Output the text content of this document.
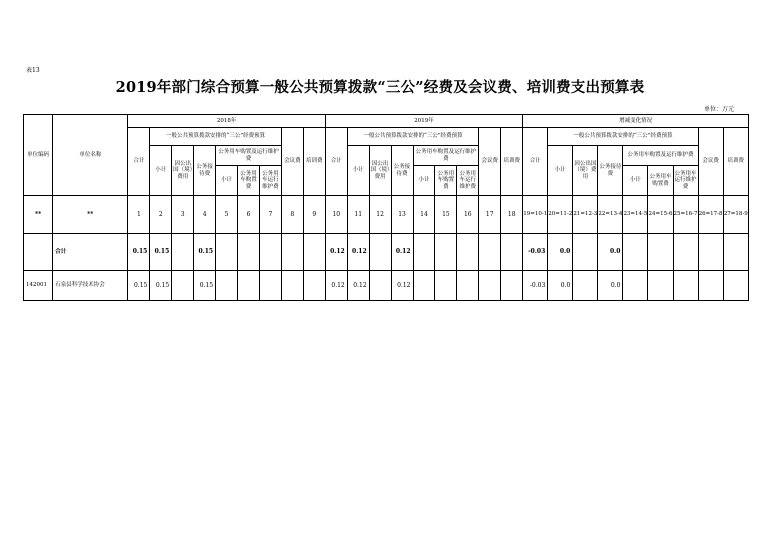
表13
2019年部门综合预算一般公共预算拨款“三公”经费及会议费、培训费支出预算表
单位：万元
单位编码	单位名称	2018年									2019年									增减变化情况								
		合计	一般公共预算拨款安排的“三公”经费预算						会议费	培训费	合计	一般公共预算拨款安排的“三公”经费预算						会议费	培训费	合计	一般公共预算拨款安排的“三公”经费预算						会议费	培训费
			小计	因公出国（境）费用	公务接待费	公务用车购置及运行维护费						小计	因公出国（境）费用	公务接待费	公务用车购置及运行维护费						小计	因公出国（境）费用	公务接待费	公务用车购置及运行维护费				
						小计	公务用车购置费	公务用车运行维护费							小计	公务用车购置费	公务用车运行维护费							小计	公务用车购置费	公务用车运行维护费		

**	**	1	2	3	4	5	6	7	8	9	10	11	12	13	14	15	16	17	18	19=10-1	20=11-2	21=12-3	22=13-4	23=14-5	24=15-6	25=16-7	26=17-8	27=18-9
	合计	0.15	0.15		0.15						0.12	0.12		0.12						-0.03	0.0		0.0					
142001	石泉县科学技术协会	0.15	0.15		0.15						0.12	0.12		0.12						-0.03	0.0		0.0					
